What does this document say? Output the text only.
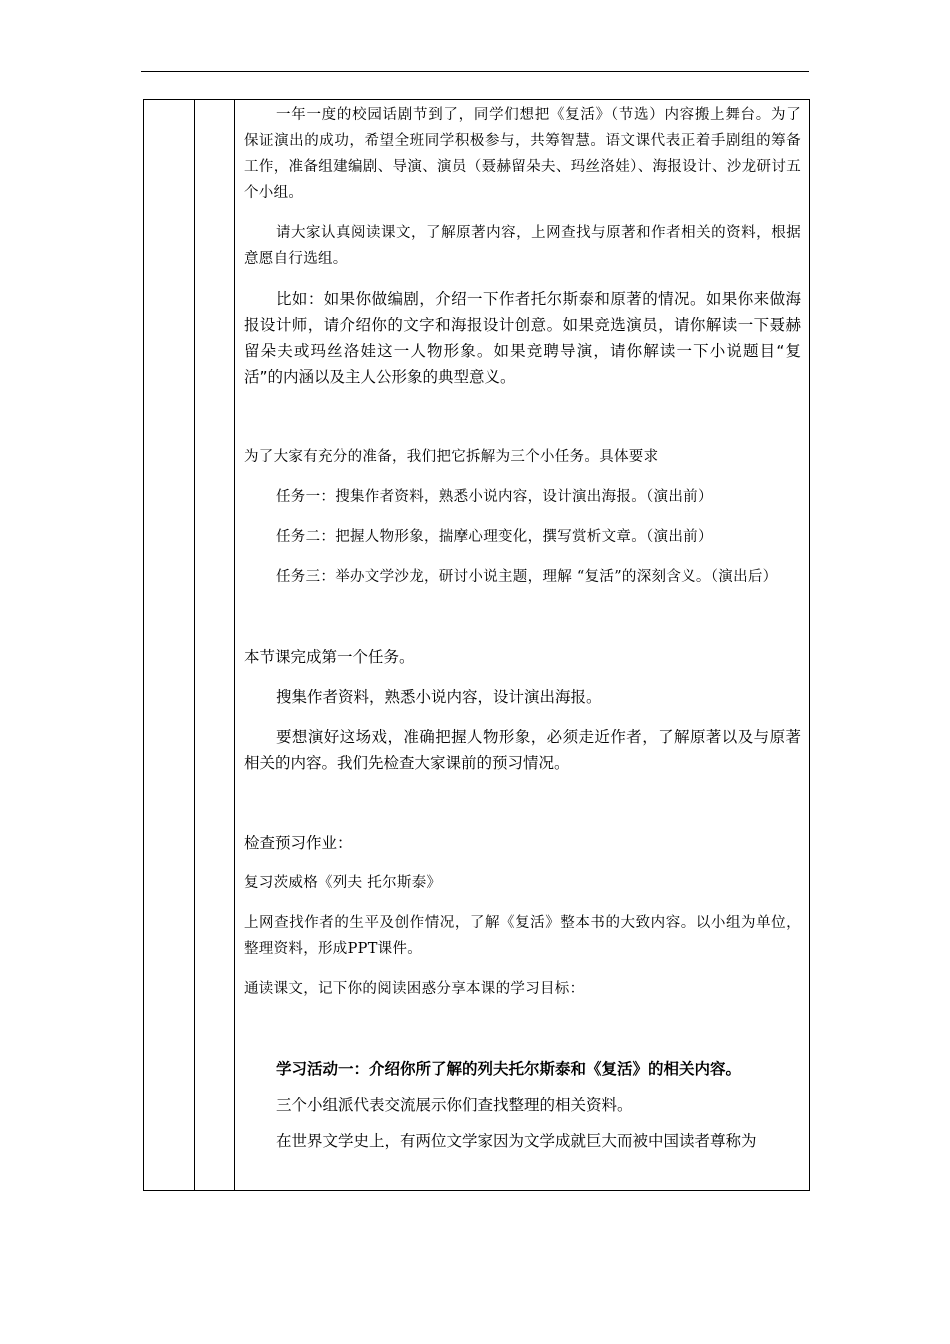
一年一度的校园话剧节到了，同学们想把《复活》（节选）内容搬上舞台。为了保证演出的成功，希望全班同学积极参与，共筹智慧。语文课代表正着手剧组的筹备工作，准备组建编剧、导演、演员（聂赫留朵夫、玛丝洛娃）、海报设计、沙龙研讨五个小组。

请大家认真阅读课文，了解原著内容，上网查找与原著和作者相关的资料，根据意愿自行选组。

比如：如果你做编剧，介绍一下作者托尔斯泰和原著的情况。如果你来做海报设计师，请介绍你的文字和海报设计创意。如果竞选演员，请你解读一下聂赫留朵夫或玛丝洛娃这一人物形象。如果竞聘导演，请你解读一下小说题目“复活”的内涵以及主人公形象的典型意义。

为了大家有充分的准备，我们把它拆解为三个小任务。具体要求

任务一：搜集作者资料，熟悉小说内容，设计演出海报。（演出前）

任务二：把握人物形象，揣摩心理变化，撰写赏析文章。（演出前）

任务三：举办文学沙龙，研讨小说主题，理解 “复活”的深刻含义。（演出后）

本节课完成第一个任务。

搜集作者资料，熟悉小说内容，设计演出海报。

要想演好这场戏，准确把握人物形象，必须走近作者，了解原著以及与原著相关的内容。我们先检查大家课前的预习情况。

检查预习作业：

复习茨威格《列夫 托尔斯泰》

上网查找作者的生平及创作情况，了解《复活》整本书的大致内容。以小组为单位，整理资料，形成PPT课件。

通读课文，记下你的阅读困惑分享本课的学习目标：

学习活动一：介绍你所了解的列夫托尔斯泰和《复活》的相关内容。

三个小组派代表交流展示你们查找整理的相关资料。

在世界文学史上，有两位文学家因为文学成就巨大而被中国读者尊称为
